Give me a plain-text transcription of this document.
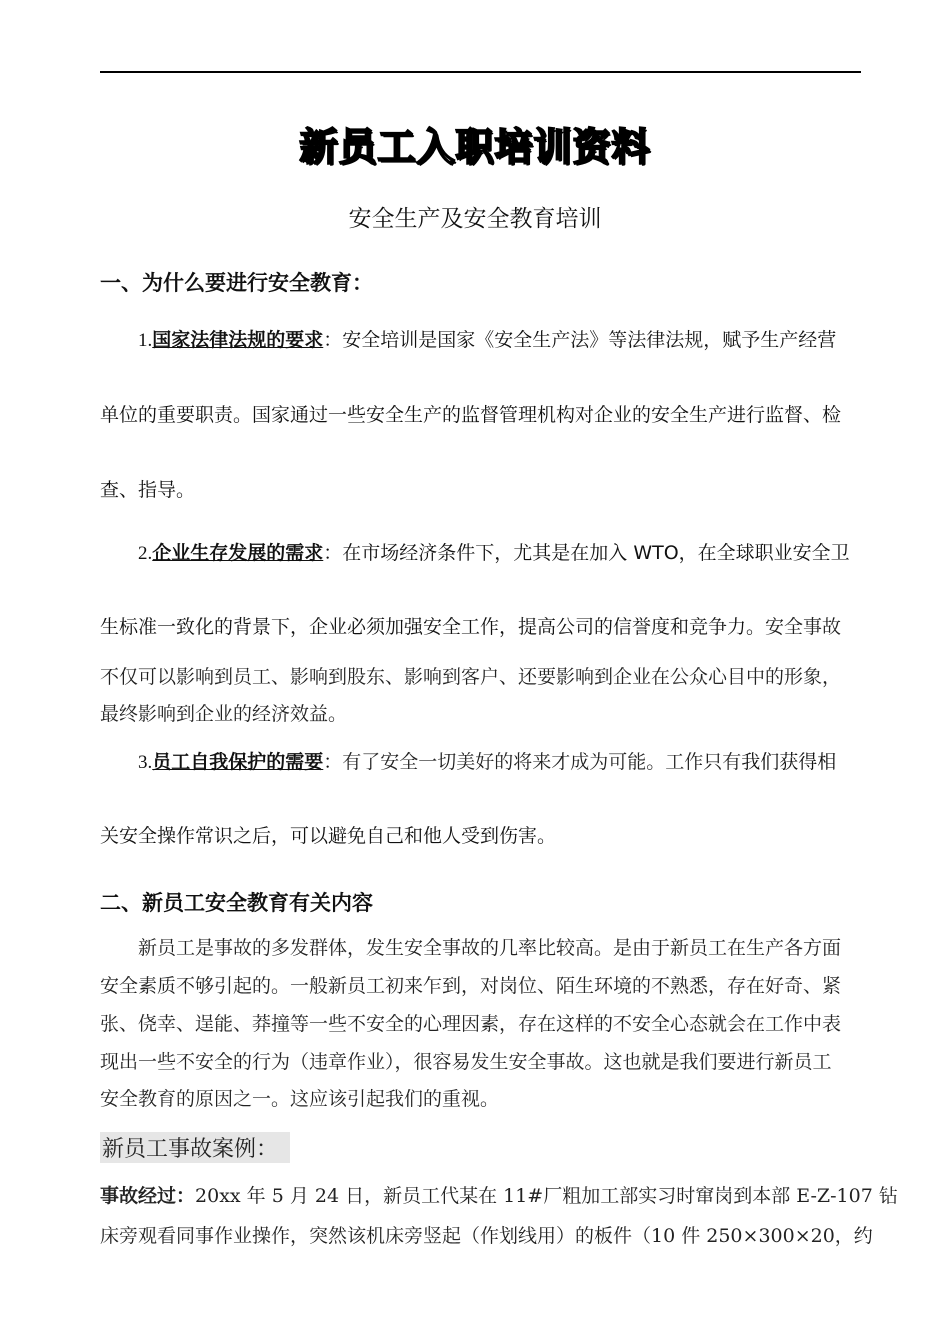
新员工入职培训资料
安全生产及安全教育培训
一、为什么要进行安全教育：
1.国家法律法规的要求：安全培训是国家《安全生产法》等法律法规，赋予生产经营
单位的重要职责。国家通过一些安全生产的监督管理机构对企业的安全生产进行监督、检
查、指导。
2.企业生存发展的需求：在市场经济条件下，尤其是在加入 WTO，在全球职业安全卫
生标准一致化的背景下，企业必须加强安全工作，提高公司的信誉度和竞争力。安全事故
不仅可以影响到员工、影响到股东、影响到客户、还要影响到企业在公众心目中的形象，
最终影响到企业的经济效益。
3.员工自我保护的需要：有了安全一切美好的将来才成为可能。工作只有我们获得相
关安全操作常识之后，可以避免自己和他人受到伤害。
二、新员工安全教育有关内容
新员工是事故的多发群体，发生安全事故的几率比较高。是由于新员工在生产各方面
安全素质不够引起的。一般新员工初来乍到，对岗位、陌生环境的不熟悉，存在好奇、紧
张、侥幸、逞能、莽撞等一些不安全的心理因素，存在这样的不安全心态就会在工作中表
现出一些不安全的行为（违章作业），很容易发生安全事故。这也就是我们要进行新员工
安全教育的原因之一。这应该引起我们的重视。
新员工事故案例：
事故经过：20xx 年 5 月 24 日，新员工代某在 11#厂粗加工部实习时窜岗到本部 E-Z-107 钻
床旁观看同事作业操作，突然该机床旁竖起（作划线用）的板件（10 件 250×300×20，约
